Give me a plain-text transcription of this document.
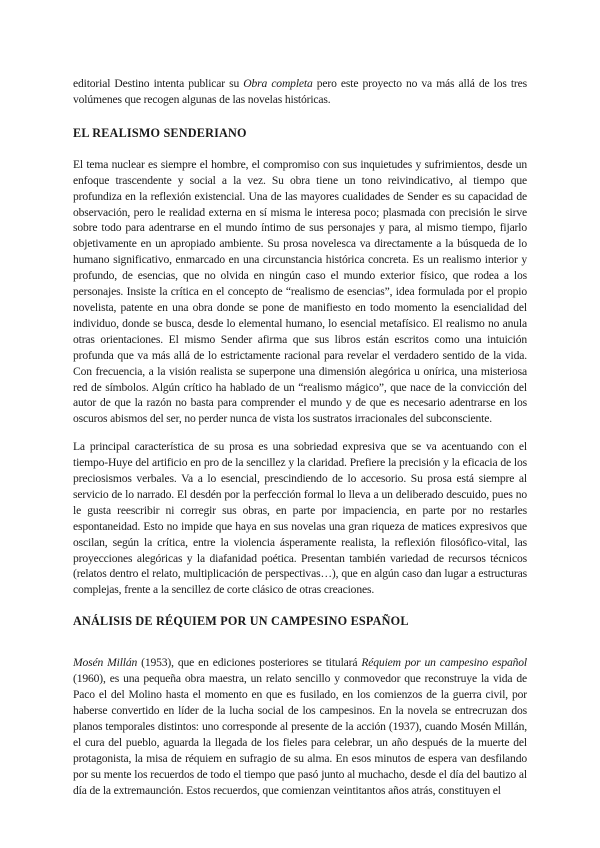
editorial Destino intenta publicar su Obra completa pero este proyecto no va más allá de los tres volúmenes que recogen algunas de las novelas históricas.

EL REALISMO SENDERIANO

El tema nuclear es siempre el hombre, el compromiso con sus inquietudes y sufrimientos, desde un enfoque trascendente y social a la vez. Su obra tiene un tono reivindicativo, al tiempo que profundiza en la reflexión existencial. Una de las mayores cualidades de Sender es su capacidad de observación, pero le realidad externa en sí misma le interesa poco; plasmada con precisión le sirve sobre todo para adentrarse en el mundo íntimo de sus personajes y para, al mismo tiempo, fijarlo objetivamente en un apropiado ambiente. Su prosa novelesca va directamente a la búsqueda de lo humano significativo, enmarcado en una circunstancia histórica concreta. Es un realismo interior y profundo, de esencias, que no olvida en ningún caso el mundo exterior físico, que rodea a los personajes. Insiste la crítica en el concepto de “realismo de esencias”, idea formulada por el propio novelista, patente en una obra donde se pone de manifiesto en todo momento la esencialidad del individuo, donde se busca, desde lo elemental humano, lo esencial metafísico. El realismo no anula otras orientaciones. El mismo Sender afirma que sus libros están escritos como una intuición profunda que va más allá de lo estrictamente racional para revelar el verdadero sentido de la vida. Con frecuencia, a la visión realista se superpone una dimensión alegórica u onírica, una misteriosa red de símbolos. Algún crítico ha hablado de un “realismo mágico”, que nace de la convicción del autor de que la razón no basta para comprender el mundo y de que es necesario adentrarse en los oscuros abismos del ser, no perder nunca de vista los sustratos irracionales del subconsciente.

La principal característica de su prosa es una sobriedad expresiva que se va acentuando con el tiempo-Huye del artificio en pro de la sencillez y la claridad. Prefiere la precisión y la eficacia de los preciosismos verbales. Va a lo esencial, prescindiendo de lo accesorio. Su prosa está siempre al servicio de lo narrado. El desdén por la perfección formal lo lleva a un deliberado descuido, pues no le gusta reescribir ni corregir sus obras, en parte por impaciencia, en parte por no restarles espontaneidad. Esto no impide que haya en sus novelas una gran riqueza de matices expresivos que oscilan, según la crítica, entre la violencia ásperamente realista, la reflexión filosófico-vital, las proyecciones alegóricas y la diafanidad poética. Presentan también variedad de recursos técnicos (relatos dentro el relato, multiplicación de perspectivas…), que en algún caso dan lugar a estructuras complejas, frente a la sencillez de corte clásico de otras creaciones.

ANÁLISIS DE RÉQUIEM POR UN CAMPESINO ESPAÑOL

Mosén Millán (1953), que en ediciones posteriores se titulará Réquiem por un campesino español (1960), es una pequeña obra maestra, un relato sencillo y conmovedor que reconstruye la vida de Paco el del Molino hasta el momento en que es fusilado, en los comienzos de la guerra civil, por haberse convertido en líder de la lucha social de los campesinos. En la novela se entrecruzan dos planos temporales distintos: uno corresponde al presente de la acción (1937), cuando Mosén Millán, el cura del pueblo, aguarda la llegada de los fieles para celebrar, un año después de la muerte del protagonista, la misa de réquiem en sufragio de su alma. En esos minutos de espera van desfilando por su mente los recuerdos de todo el tiempo que pasó junto al muchacho, desde el día del bautizo al día de la extremaunción. Estos recuerdos, que comienzan veintitantos años atrás, constituyen el
